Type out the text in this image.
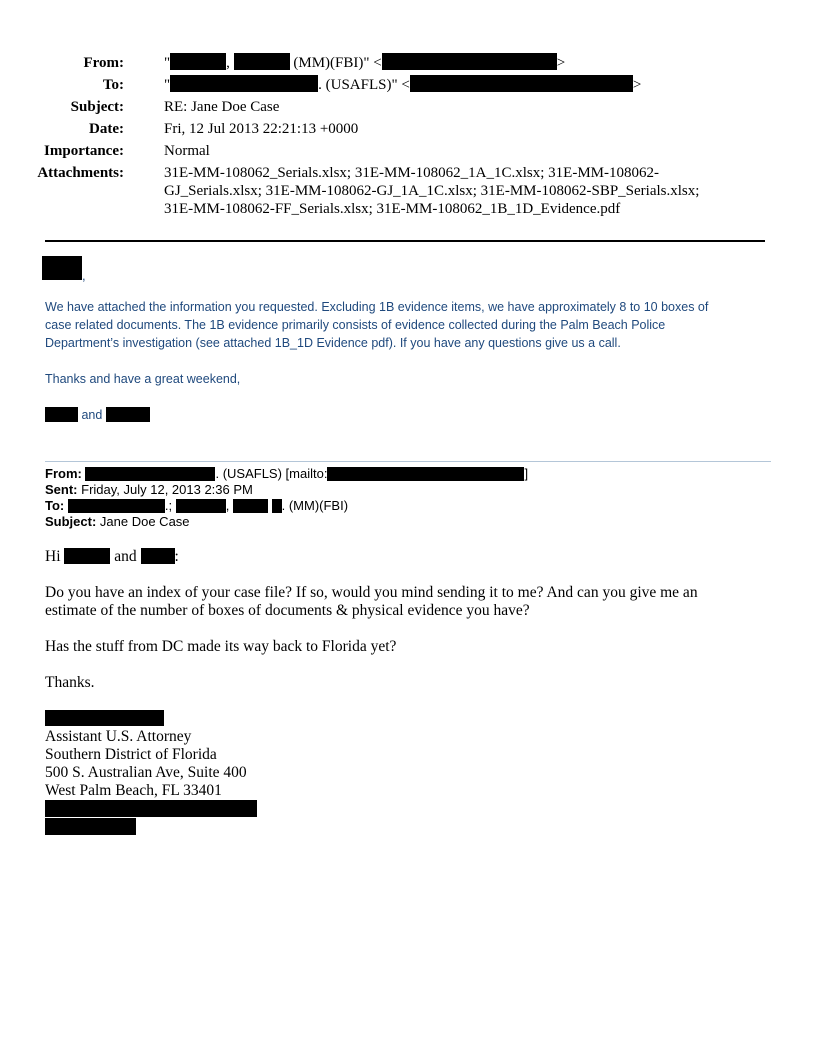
From:	"	,	(MM)(FBI)" <	>
To:	"	. (USAFLS)" <	>
Subject:	RE: Jane Doe Case
Date:	Fri, 12 Jul 2013 22:21:13 +0000
Importance:	Normal
Attachments:	31E-MM-108062_Serials.xlsx; 31E-MM-108062_1A_1C.xlsx; 31E-MM-108062-
GJ_Serials.xlsx; 31E-MM-108062-GJ_1A_1C.xlsx; 31E-MM-108062-SBP_Serials.xlsx;
31E-MM-108062-FF_Serials.xlsx; 31E-MM-108062_1B_1D_Evidence.pdf
,
We have attached the information you requested. Excluding 1B evidence items, we have approximately 8 to 10 boxes of
case related documents. The 1B evidence primarily consists of evidence collected during the Palm Beach Police
Department’s investigation (see attached 1B_1D Evidence pdf). If you have any questions give us a call.
Thanks and have a great weekend,
and
From:	. (USAFLS) [mailto:	]
Sent: Friday, July 12, 2013 2:36 PM
To:	.;	,	. (MM)(FBI)
Subject: Jane Doe Case
Hi	and :
Do you have an index of your case file? If so, would you mind sending it to me? And can you give me an
estimate of the number of boxes of documents & physical evidence you have?
Has the stuff from DC made its way back to Florida yet?
Thanks.
Assistant U.S. Attorney
Southern District of Florida
500 S. Australian Ave, Suite 400
West Palm Beach, FL 33401
